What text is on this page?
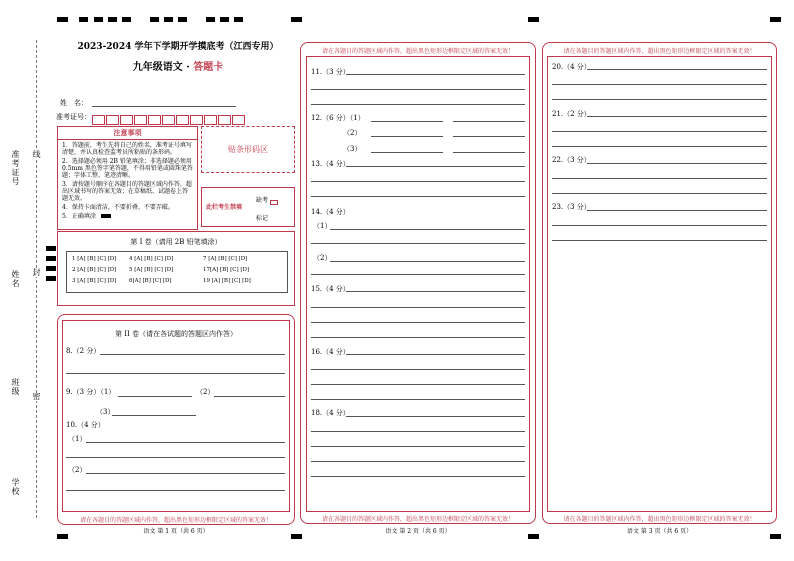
准考证号
姓名
班级
学校
线
封
密
2023-2024 学年下学期开学摸底考（江西专用）
九年级语文 · 答题卡
姓　名：
准考证号：
注意事项
1．答题前，考生先将自己的姓名，准考证号填写清楚，并认真检查监考员所粘贴的条形码。
2．选择题必须用 2B 铅笔填涂；非选择题必须用 0.5mm 黑色签字笔答题，不得用铅笔或圆珠笔答题；字体工整、笔迹清晰。
3．请按题号顺序在各题目的答题区域内作答，超出区域书写的答案无效；在草稿纸、试题卷上答题无效。
4．保持卡面清洁，不要折叠、不要弄破。
5．正确填涂
贴条形码区
此栏考生禁填
缺考
标记
第 I 卷（请用 2B 铅笔填涂）
1 [A] [B] [C] [D] 4 [A] [B] [C] [D]	7 [A] [B] [C] [D]
2 [A] [B] [C] [D] 5 [A] [B] [C] [D]	17[A] [B] [C] [D]
3 [A] [B] [C] [D] 6[A] [B] [C] [D]	19 [A] [B] [C] [D]
第 II 卷（请在各试题的答题区内作答）
8.（2 分）
9.（3 分）（1）	（2）
（3）
10.（4 分）
（1）
（2）
请在各题目的答题区域内作答，超出黑色矩形边框限定区域的答案无效！
语文 第 1 页（共 6 页）
请在各题目的答题区域内作答，超出黑色矩形边框限定区域的答案无效！
11.（3 分）
12.（6 分）（1）
（2）
（3）
13.（4 分）
14.（4 分）
（1）
（2）
15.（4 分）
16.（4 分）
18.（4 分）
请在各题目的答题区域内作答，超出黑色矩形边框限定区域的答案无效！
语文 第 2 页（共 6 页）
请在各题目的答题区域内作答，超出黑色矩形边框限定区域的答案无效！
20.（4 分）
21.（2 分）
22.（3 分）
23.（3 分）
请在各题目的答题区域内作答，超出黑色矩形边框限定区域的答案无效！
语文 第 3 页（共 6 页）
